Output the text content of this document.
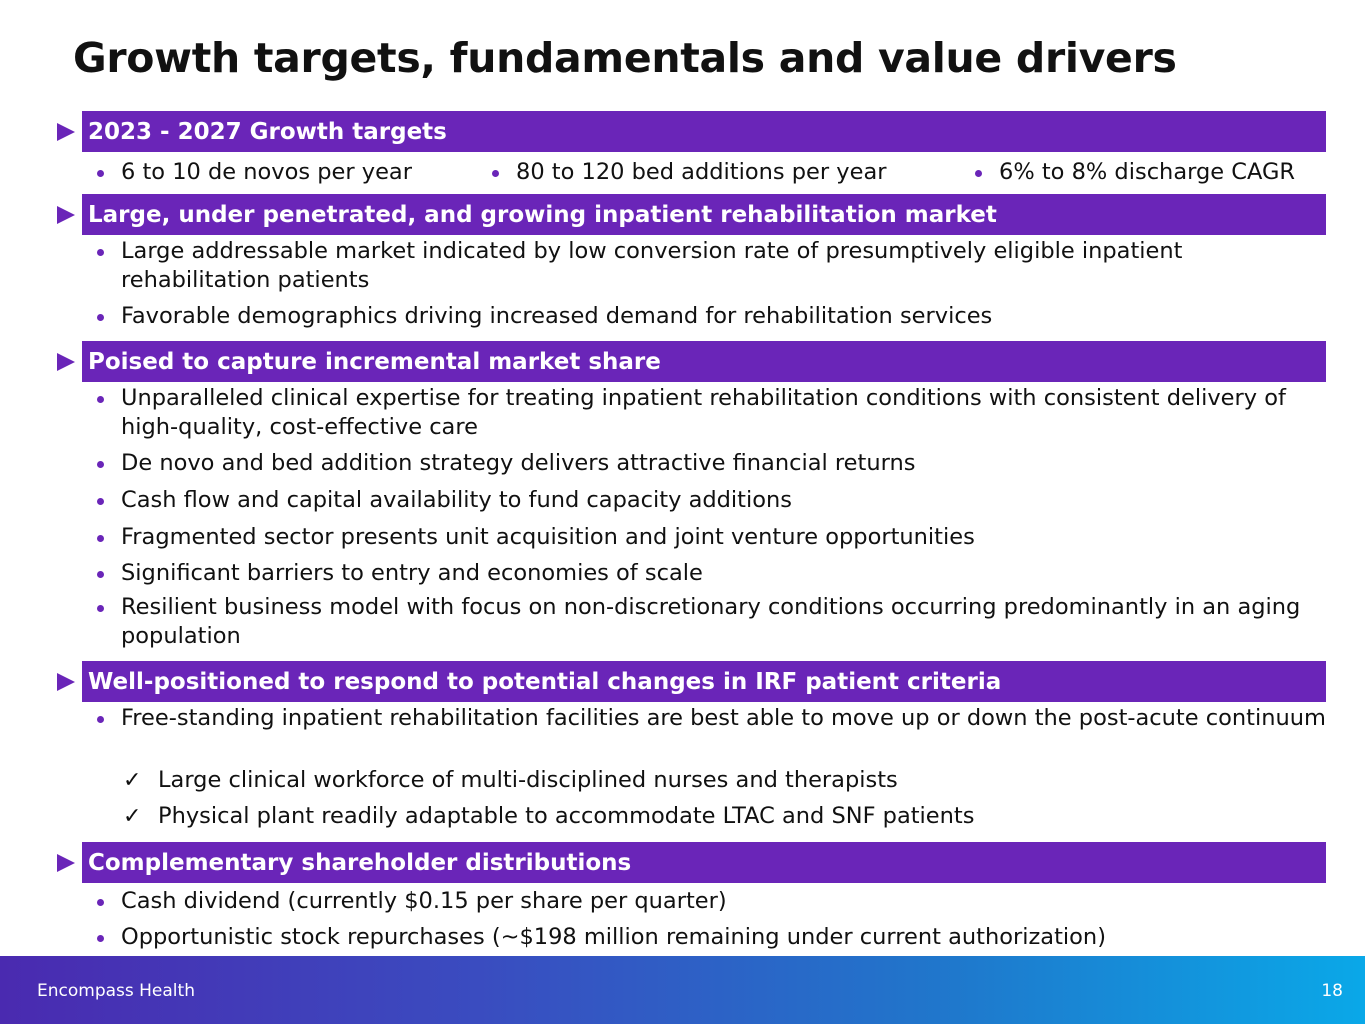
Growth targets, fundamentals and value drivers
2023 - 2027 Growth targets
6 to 10 de novos per year	80 to 120 bed additions per year	6% to 8% discharge CAGR
Large, under penetrated, and growing inpatient rehabilitation market
Large addressable market indicated by low conversion rate of presumptively eligible inpatient rehabilitation patients
Favorable demographics driving increased demand for rehabilitation services
Poised to capture incremental market share
Unparalleled clinical expertise for treating inpatient rehabilitation conditions with consistent delivery of high-quality, cost-effective care
De novo and bed addition strategy delivers attractive financial returns
Cash flow and capital availability to fund capacity additions
Fragmented sector presents unit acquisition and joint venture opportunities
Significant barriers to entry and economies of scale
Resilient business model with focus on non-discretionary conditions occurring predominantly in an aging population
Well-positioned to respond to potential changes in IRF patient criteria
Free-standing inpatient rehabilitation facilities are best able to move up or down the post-acute continuum
✓ Large clinical workforce of multi-disciplined nurses and therapists
✓ Physical plant readily adaptable to accommodate LTAC and SNF patients
Complementary shareholder distributions
Cash dividend (currently $0.15 per share per quarter)
Opportunistic stock repurchases (~$198 million remaining under current authorization)
Encompass Health	18
